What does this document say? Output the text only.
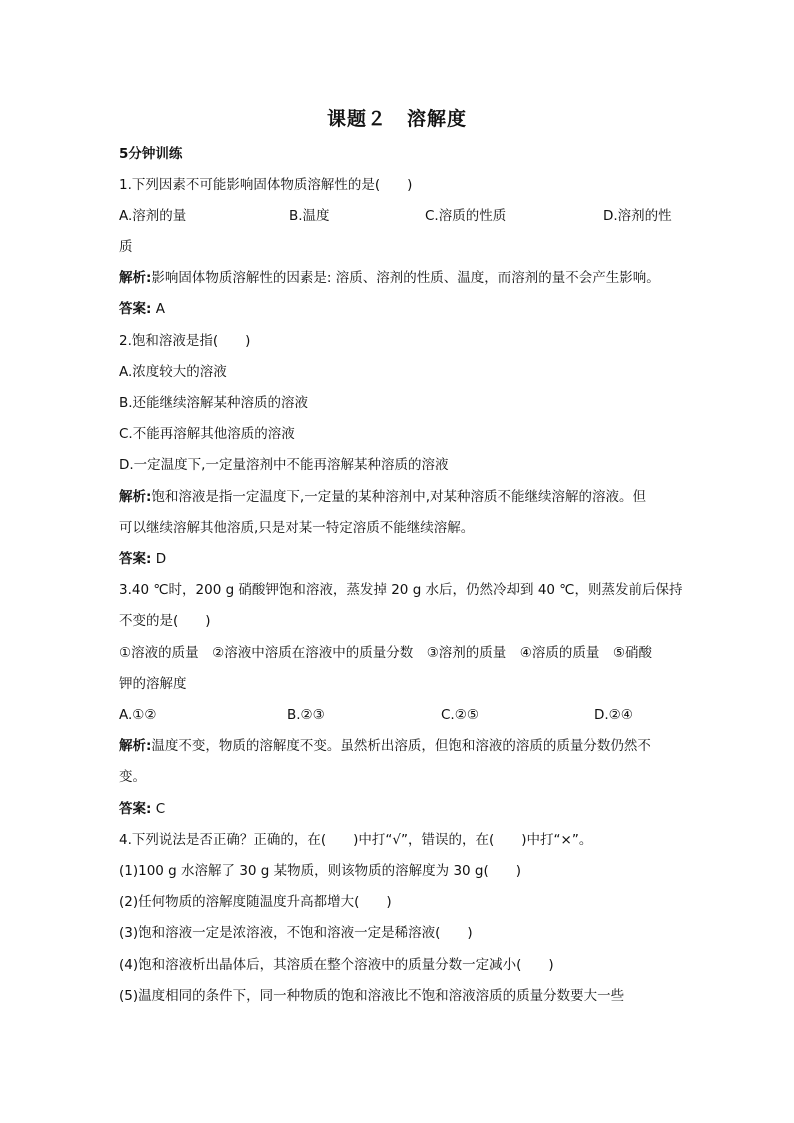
课题２　溶解度
5分钟训练
1.下列因素不可能影响固体物质溶解性的是(　　)
A.溶剂的量	B.温度	C.溶质的性质	D.溶剂的性
质
解析:影响固体物质溶解性的因素是: 溶质、溶剂的性质、温度，而溶剂的量不会产生影响。
答案: A
2.饱和溶液是指(　　)
A.浓度较大的溶液
B.还能继续溶解某种溶质的溶液
C.不能再溶解其他溶质的溶液
D.一定温度下,一定量溶剂中不能再溶解某种溶质的溶液
解析:饱和溶液是指一定温度下,一定量的某种溶剂中,对某种溶质不能继续溶解的溶液。但
可以继续溶解其他溶质,只是对某一特定溶质不能继续溶解。
答案: D
3.40 ℃时，200 g 硝酸钾饱和溶液，蒸发掉 20 g 水后，仍然冷却到 40 ℃，则蒸发前后保持
不变的是(　　)
①溶液的质量　②溶液中溶质在溶液中的质量分数　③溶剂的质量　④溶质的质量　⑤硝酸
钾的溶解度
A.①②	B.②③	C.②⑤	D.②④
解析:温度不变，物质的溶解度不变。虽然析出溶质，但饱和溶液的溶质的质量分数仍然不
变。
答案: C
4.下列说法是否正确？正确的，在(　　)中打“√”，错误的，在(　　)中打“×”。
(1)100 g 水溶解了 30 g 某物质，则该物质的溶解度为 30 g(　　)
(2)任何物质的溶解度随温度升高都增大(　　)
(3)饱和溶液一定是浓溶液，不饱和溶液一定是稀溶液(　　)
(4)饱和溶液析出晶体后，其溶质在整个溶液中的质量分数一定减小(　　)
(5)温度相同的条件下，同一种物质的饱和溶液比不饱和溶液溶质的质量分数要大一些
